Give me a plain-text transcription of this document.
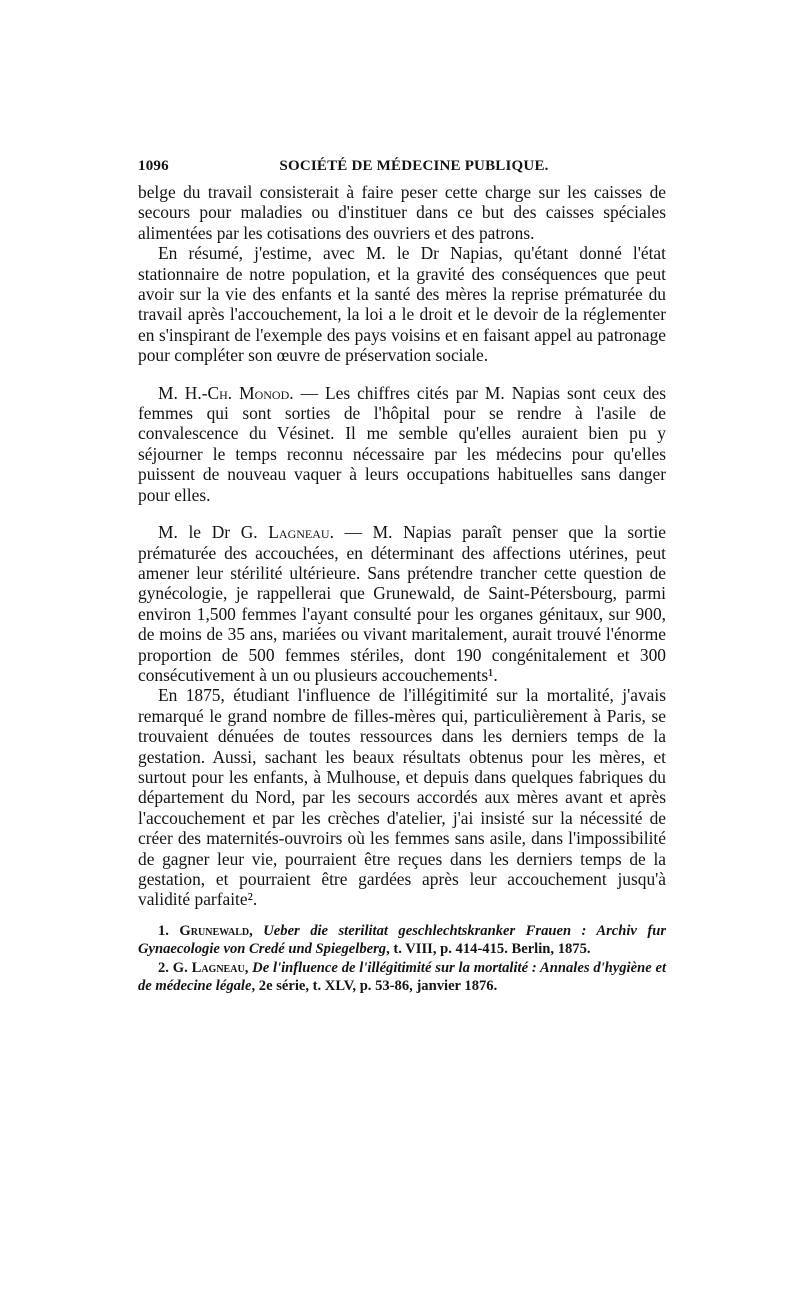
1096	SOCIÉTÉ DE MÉDECINE PUBLIQUE.

belge du travail consisterait à faire peser cette charge sur les caisses de secours pour maladies ou d'instituer dans ce but des caisses spéciales alimentées par les cotisations des ouvriers et des patrons.

En résumé, j'estime, avec M. le Dr Napias, qu'étant donné l'état stationnaire de notre population, et la gravité des conséquences que peut avoir sur la vie des enfants et la santé des mères la reprise prématurée du travail après l'accouchement, la loi a le droit et le devoir de la réglementer en s'inspirant de l'exemple des pays voisins et en faisant appel au patronage pour compléter son œuvre de préservation sociale.

M. H.-Ch. Monod. — Les chiffres cités par M. Napias sont ceux des femmes qui sont sorties de l'hôpital pour se rendre à l'asile de convalescence du Vésinet. Il me semble qu'elles auraient bien pu y séjourner le temps reconnu nécessaire par les médecins pour qu'elles puissent de nouveau vaquer à leurs occupations habituelles sans danger pour elles.

M. le Dr G. Lagneau. — M. Napias paraît penser que la sortie prématurée des accouchées, en déterminant des affections utérines, peut amener leur stérilité ultérieure. Sans prétendre trancher cette question de gynécologie, je rappellerai que Grunewald, de Saint-Pétersbourg, parmi environ 1,500 femmes l'ayant consulté pour les organes génitaux, sur 900, de moins de 35 ans, mariées ou vivant maritalement, aurait trouvé l'énorme proportion de 500 femmes stériles, dont 190 congénitalement et 300 consécutivement à un ou plusieurs accouchements¹.

En 1875, étudiant l'influence de l'illégitimité sur la mortalité, j'avais remarqué le grand nombre de filles-mères qui, particulièrement à Paris, se trouvaient dénuées de toutes ressources dans les derniers temps de la gestation. Aussi, sachant les beaux résultats obtenus pour les mères, et surtout pour les enfants, à Mulhouse, et depuis dans quelques fabriques du département du Nord, par les secours accordés aux mères avant et après l'accouchement et par les crèches d'atelier, j'ai insisté sur la nécessité de créer des maternités-ouvroirs où les femmes sans asile, dans l'impossibilité de gagner leur vie, pourraient être reçues dans les derniers temps de la gestation, et pourraient être gardées après leur accouchement jusqu'à validité parfaite².

1. Grunewald, Ueber die sterilitat geschlechtskranker Frauen : Archiv fur Gynaecologie von Credé und Spiegelberg, t. VIII, p. 414-415. Berlin, 1875.

2. G. Lagneau, De l'influence de l'illégitimité sur la mortalité : Annales d'hygiène et de médecine légale, 2e série, t. XLV, p. 53-86, janvier 1876.
